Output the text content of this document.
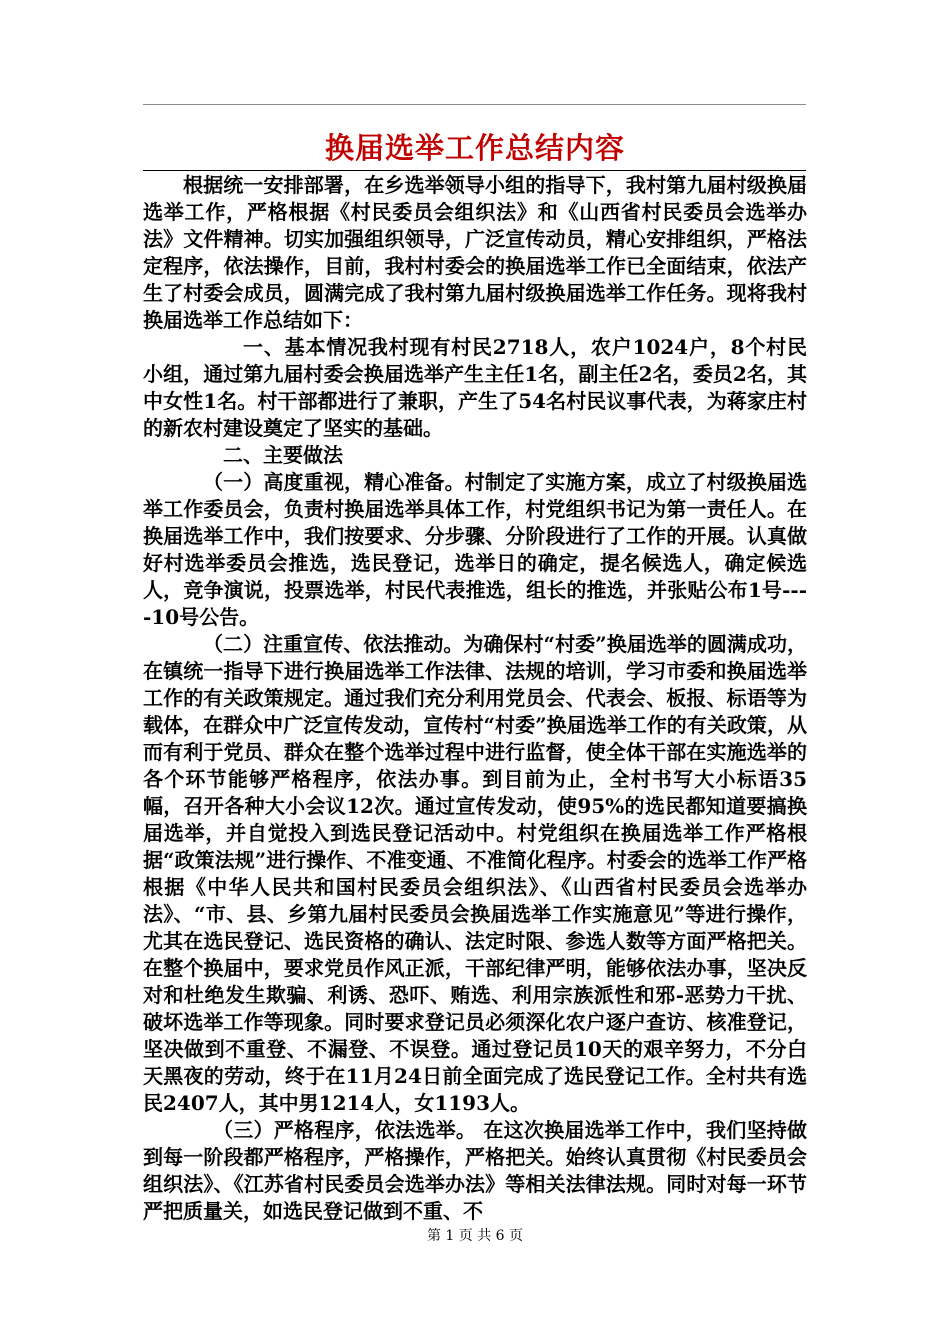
换届选举工作总结内容

根据统一安排部署，在乡选举领导小组的指导下，我村第九届村级换届选举工作，严格根据《村民委员会组织法》和《山西省村民委员会选举办法》文件精神。切实加强组织领导，广泛宣传动员，精心安排组织，严格法定程序，依法操作，目前，我村村委会的换届选举工作已全面结束，依法产生了村委会成员，圆满完成了我村第九届村级换届选举工作任务。现将我村换届选举工作总结如下：

一、基本情况我村现有村民2718人，农户1024户，8个村民小组，通过第九届村委会换届选举产生主任1名，副主任2名，委员2名，其中女性1名。村干部都进行了兼职，产生了54名村民议事代表，为蒋家庄村的新农村建设奠定了坚实的基础。

二、主要做法

（一）高度重视，精心准备。村制定了实施方案，成立了村级换届选举工作委员会，负责村换届选举具体工作，村党组织书记为第一责任人。在换届选举工作中，我们按要求、分步骤、分阶段进行了工作的开展。认真做好村选举委员会推选，选民登记，选举日的确定，提名候选人，确定候选人，竞争演说，投票选举，村民代表推选，组长的推选，并张贴公布1号----10号公告。

（二）注重宣传、依法推动。为确保村“村委”换届选举的圆满成功，在镇统一指导下进行换届选举工作法律、法规的培训，学习市委和换届选举工作的有关政策规定。通过我们充分利用党员会、代表会、板报、标语等为载体，在群众中广泛宣传发动，宣传村“村委”换届选举工作的有关政策，从而有利于党员、群众在整个选举过程中进行监督，使全体干部在实施选举的各个环节能够严格程序，依法办事。到目前为止，全村书写大小标语35幅，召开各种大小会议12次。通过宣传发动，使95%的选民都知道要搞换届选举，并自觉投入到选民登记活动中。村党组织在换届选举工作严格根据“政策法规”进行操作、不准变通、不准简化程序。村委会的选举工作严格根据《中华人民共和国村民委员会组织法》、《山西省村民委员会选举办法》、“市、县、乡第九届村民委员会换届选举工作实施意见”等进行操作，尤其在选民登记、选民资格的确认、法定时限、参选人数等方面严格把关。在整个换届中，要求党员作风正派，干部纪律严明，能够依法办事，坚决反对和杜绝发生欺骗、利诱、恐吓、贿选、利用宗族派性和邪-恶势力干扰、破坏选举工作等现象。同时要求登记员必须深化农户逐户查访、核准登记，坚决做到不重登、不漏登、不误登。通过登记员10天的艰辛努力，不分白天黑夜的劳动，终于在11月24日前全面完成了选民登记工作。全村共有选民2407人，其中男1214人，女1193人。

（三）严格程序，依法选举。 在这次换届选举工作中，我们坚持做到每一阶段都严格程序，严格操作，严格把关。始终认真贯彻《村民委员会组织法》、《江苏省村民委员会选举办法》等相关法律法规。同时对每一环节严把质量关，如选民登记做到不重、不

第 1 页 共 6 页
